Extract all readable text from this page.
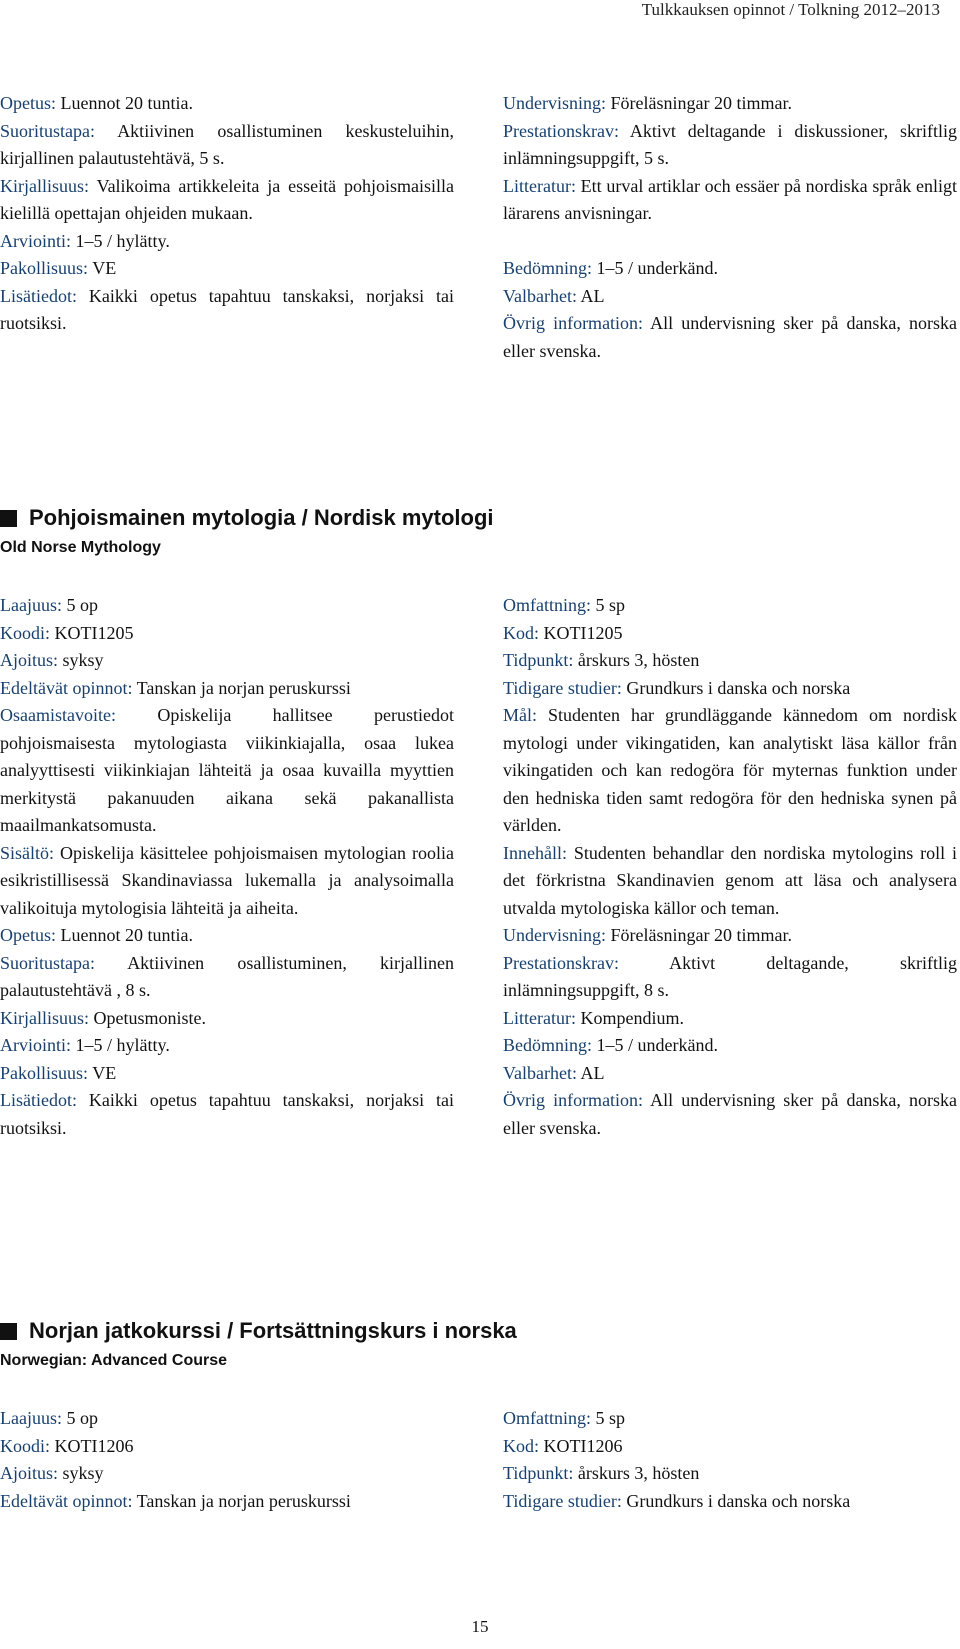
Tulkkauksen opinnot / Tolkning 2012–2013

Opetus: Luennot 20 tuntia.

Suoritustapa: Aktiivinen osallistuminen keskusteluihin, kirjallinen palautustehtävä, 5 s.

Kirjallisuus: Valikoima artikkeleita ja esseitä pohjoismaisilla kielillä opettajan ohjeiden mukaan.

Arviointi: 1–5 / hylätty.

Pakollisuus: VE

Lisätiedot: Kaikki opetus tapahtuu tanskaksi, norjaksi tai ruotsiksi.

Undervisning: Föreläsningar 20 timmar.

Prestationskrav: Aktivt deltagande i diskussioner, skriftlig inlämningsuppgift, 5 s.

Litteratur: Ett urval artiklar och essäer på nordiska språk enligt lärarens anvisningar.

Bedömning: 1–5 / underkänd.

Valbarhet: AL

Övrig information: All undervisning sker på danska, norska eller svenska.

Pohjoismainen mytologia / Nordisk mytologi
Old Norse Mythology

Laajuus: 5 op

Koodi: KOTI1205

Ajoitus: syksy

Edeltävät opinnot: Tanskan ja norjan peruskurssi

Osaamistavoite: Opiskelija hallitsee perustiedot pohjoismaisesta mytologiasta viikinkiajalla, osaa lukea analyyttisesti viikinkiajan lähteitä ja osaa kuvailla myyttien merkitystä pakanuuden aikana sekä pakanallista maailmankatsomusta.

Sisältö: Opiskelija käsittelee pohjoismaisen mytologian roolia esikristillisessä Skandinaviassa lukemalla ja analysoimalla valikoituja mytologisia lähteitä ja aiheita.

Opetus: Luennot 20 tuntia.

Suoritustapa: Aktiivinen osallistuminen, kirjallinen palautustehtävä , 8 s.

Kirjallisuus: Opetusmoniste.

Arviointi: 1–5 / hylätty.

Pakollisuus: VE

Lisätiedot: Kaikki opetus tapahtuu tanskaksi, norjaksi tai ruotsiksi.

Omfattning: 5 sp

Kod: KOTI1205

Tidpunkt: årskurs 3, hösten

Tidigare studier: Grundkurs i danska och norska

Mål: Studenten har grundläggande kännedom om nordisk mytologi under vikingatiden, kan analytiskt läsa källor från vikingatiden och kan redogöra för myternas funktion under den hedniska tiden samt redogöra för den hedniska synen på världen.

Innehåll: Studenten behandlar den nordiska mytologins roll i det förkristna Skandinavien genom att läsa och analysera utvalda mytologiska källor och teman.

Undervisning: Föreläsningar 20 timmar.

Prestationskrav:	Aktivt deltagande, skriftlig inlämningsuppgift, 8 s.

Litteratur: Kompendium.

Bedömning: 1–5 / underkänd.

Valbarhet: AL

Övrig information: All undervisning sker på danska, norska eller svenska.

Norjan jatkokurssi / Fortsättningskurs i norska
Norwegian: Advanced Course

Laajuus: 5 op

Koodi: KOTI1206

Ajoitus: syksy

Edeltävät opinnot: Tanskan ja norjan peruskurssi

Omfattning: 5 sp

Kod: KOTI1206

Tidpunkt: årskurs 3, hösten

Tidigare studier: Grundkurs i danska och norska

15
